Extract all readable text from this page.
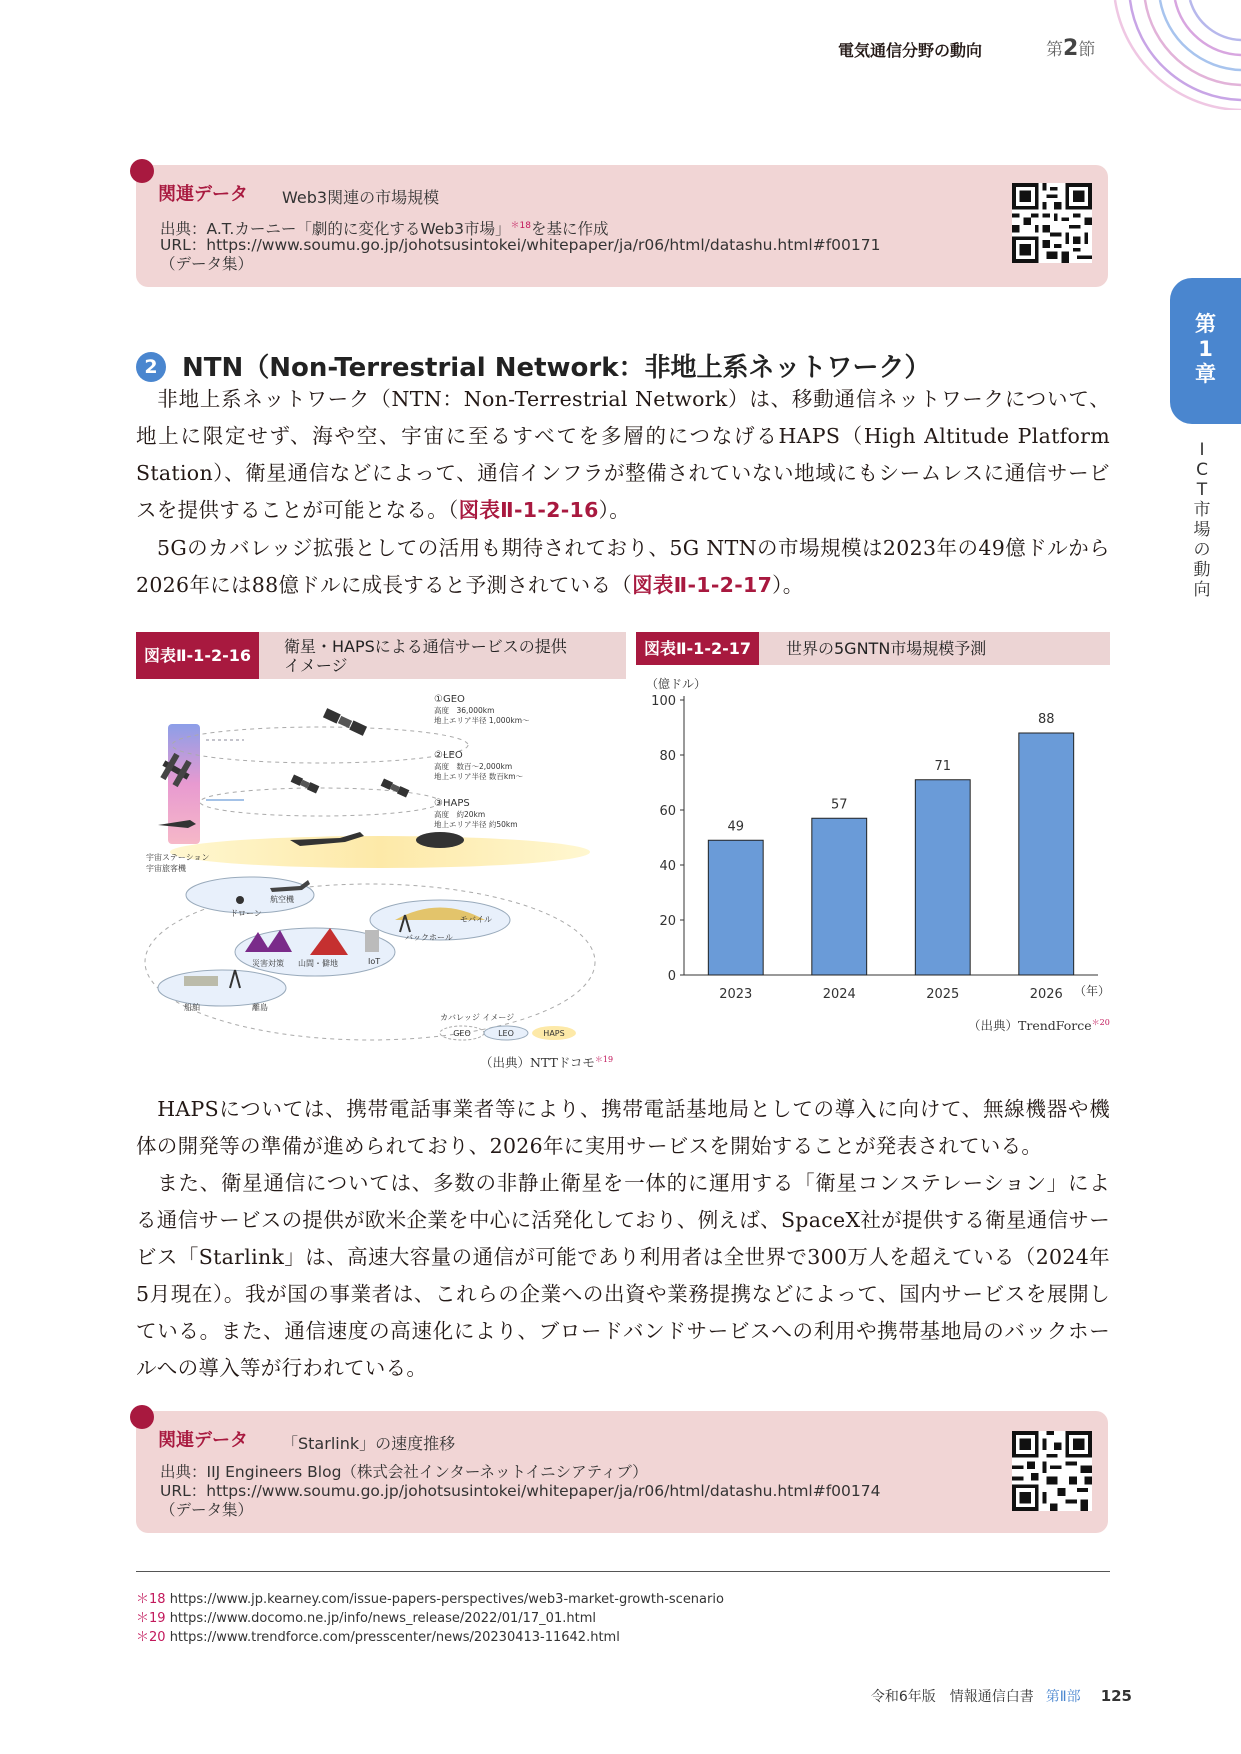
電気通信分野の動向	第2節
第
1
章
I
C
T
市
場
の
動
向
関連データ Web3関連の市場規模
出典：A.T.カーニー「劇的に変化するWeb3市場」$^{*18}$を基に作成
URL：https://www.soumu.go.jp/johotsusintokei/whitepaper/ja/r06/html/datashu.html#f00171
（データ集）
2 NTN（Non-Terrestrial Network：非地上系ネットワーク）
　非地上系ネットワーク（NTN：Non-Terrestrial Network）は、移動通信ネットワークについて、地上に限定せず、海や空、宇宙に至るすべてを多層的につなげるHAPS（High Altitude Platform Station）、衛星通信などによって、通信インフラが整備されていない地域にもシームレスに通信サービスを提供することが可能となる。（図表Ⅱ-1-2-16）。
　5Gのカバレッジ拡張としての活用も期待されており、5G NTNの市場規模は2023年の49億ドルから2026年には88億ドルに成長すると予測されている（図表Ⅱ-1-2-17）。
図表Ⅱ-1-2-16	衛星・HAPSによる通信サービスの提供
イメージ
①GEO
高度　36,000km
地上エリア半径 1,000km～
②LEO
高度　数百～2,000km
地上エリア半径 数百km～
③HAPS
高度　約20km
地上エリア半径 約50km
宇宙ステーション
宇宙旅客機
航空機
ドローン
モバイル
バックホール
災害対策 山間・僻地	IoT
船舶	離島
カバレッジ イメージ
GEO	LEO	HAPS
（出典）NTTドコモ$^{*19}$
図表Ⅱ-1-2-17	世界の5GNTN市場規模予測
（億ドル）
0
20
40
60
80
100
49
2023
57
2024
71
2025
88
2026 （年）
（出典）TrendForce$^{*20}$
　HAPSについては、携帯電話事業者等により、携帯電話基地局としての導入に向けて、無線機器や機体の開発等の準備が進められており、2026年に実用サービスを開始することが発表されている。
　また、衛星通信については、多数の非静止衛星を一体的に運用する「衛星コンステレーション」による通信サービスの提供が欧米企業を中心に活発化しており、例えば、SpaceX社が提供する衛星通信サービス「Starlink」は、高速大容量の通信が可能であり利用者は全世界で300万人を超えている（2024年5月現在）。我が国の事業者は、これらの企業への出資や業務提携などによって、国内サービスを展開している。また、通信速度の高速化により、ブロードバンドサービスへの利用や携帯基地局のバックホールへの導入等が行われている。
関連データ 「Starlink」の速度推移
出典：IIJ Engineers Blog（株式会社インターネットイニシアティブ）
URL：https://www.soumu.go.jp/johotsusintokei/whitepaper/ja/r06/html/datashu.html#f00174
（データ集）
＊18 https://www.jp.kearney.com/issue-papers-perspectives/web3-market-growth-scenario
＊19 https://www.docomo.ne.jp/info/news_release/2022/01/17_01.html
＊20 https://www.trendforce.com/presscenter/news/20230413-11642.html
令和6年版　情報通信白書 第Ⅱ部 125
